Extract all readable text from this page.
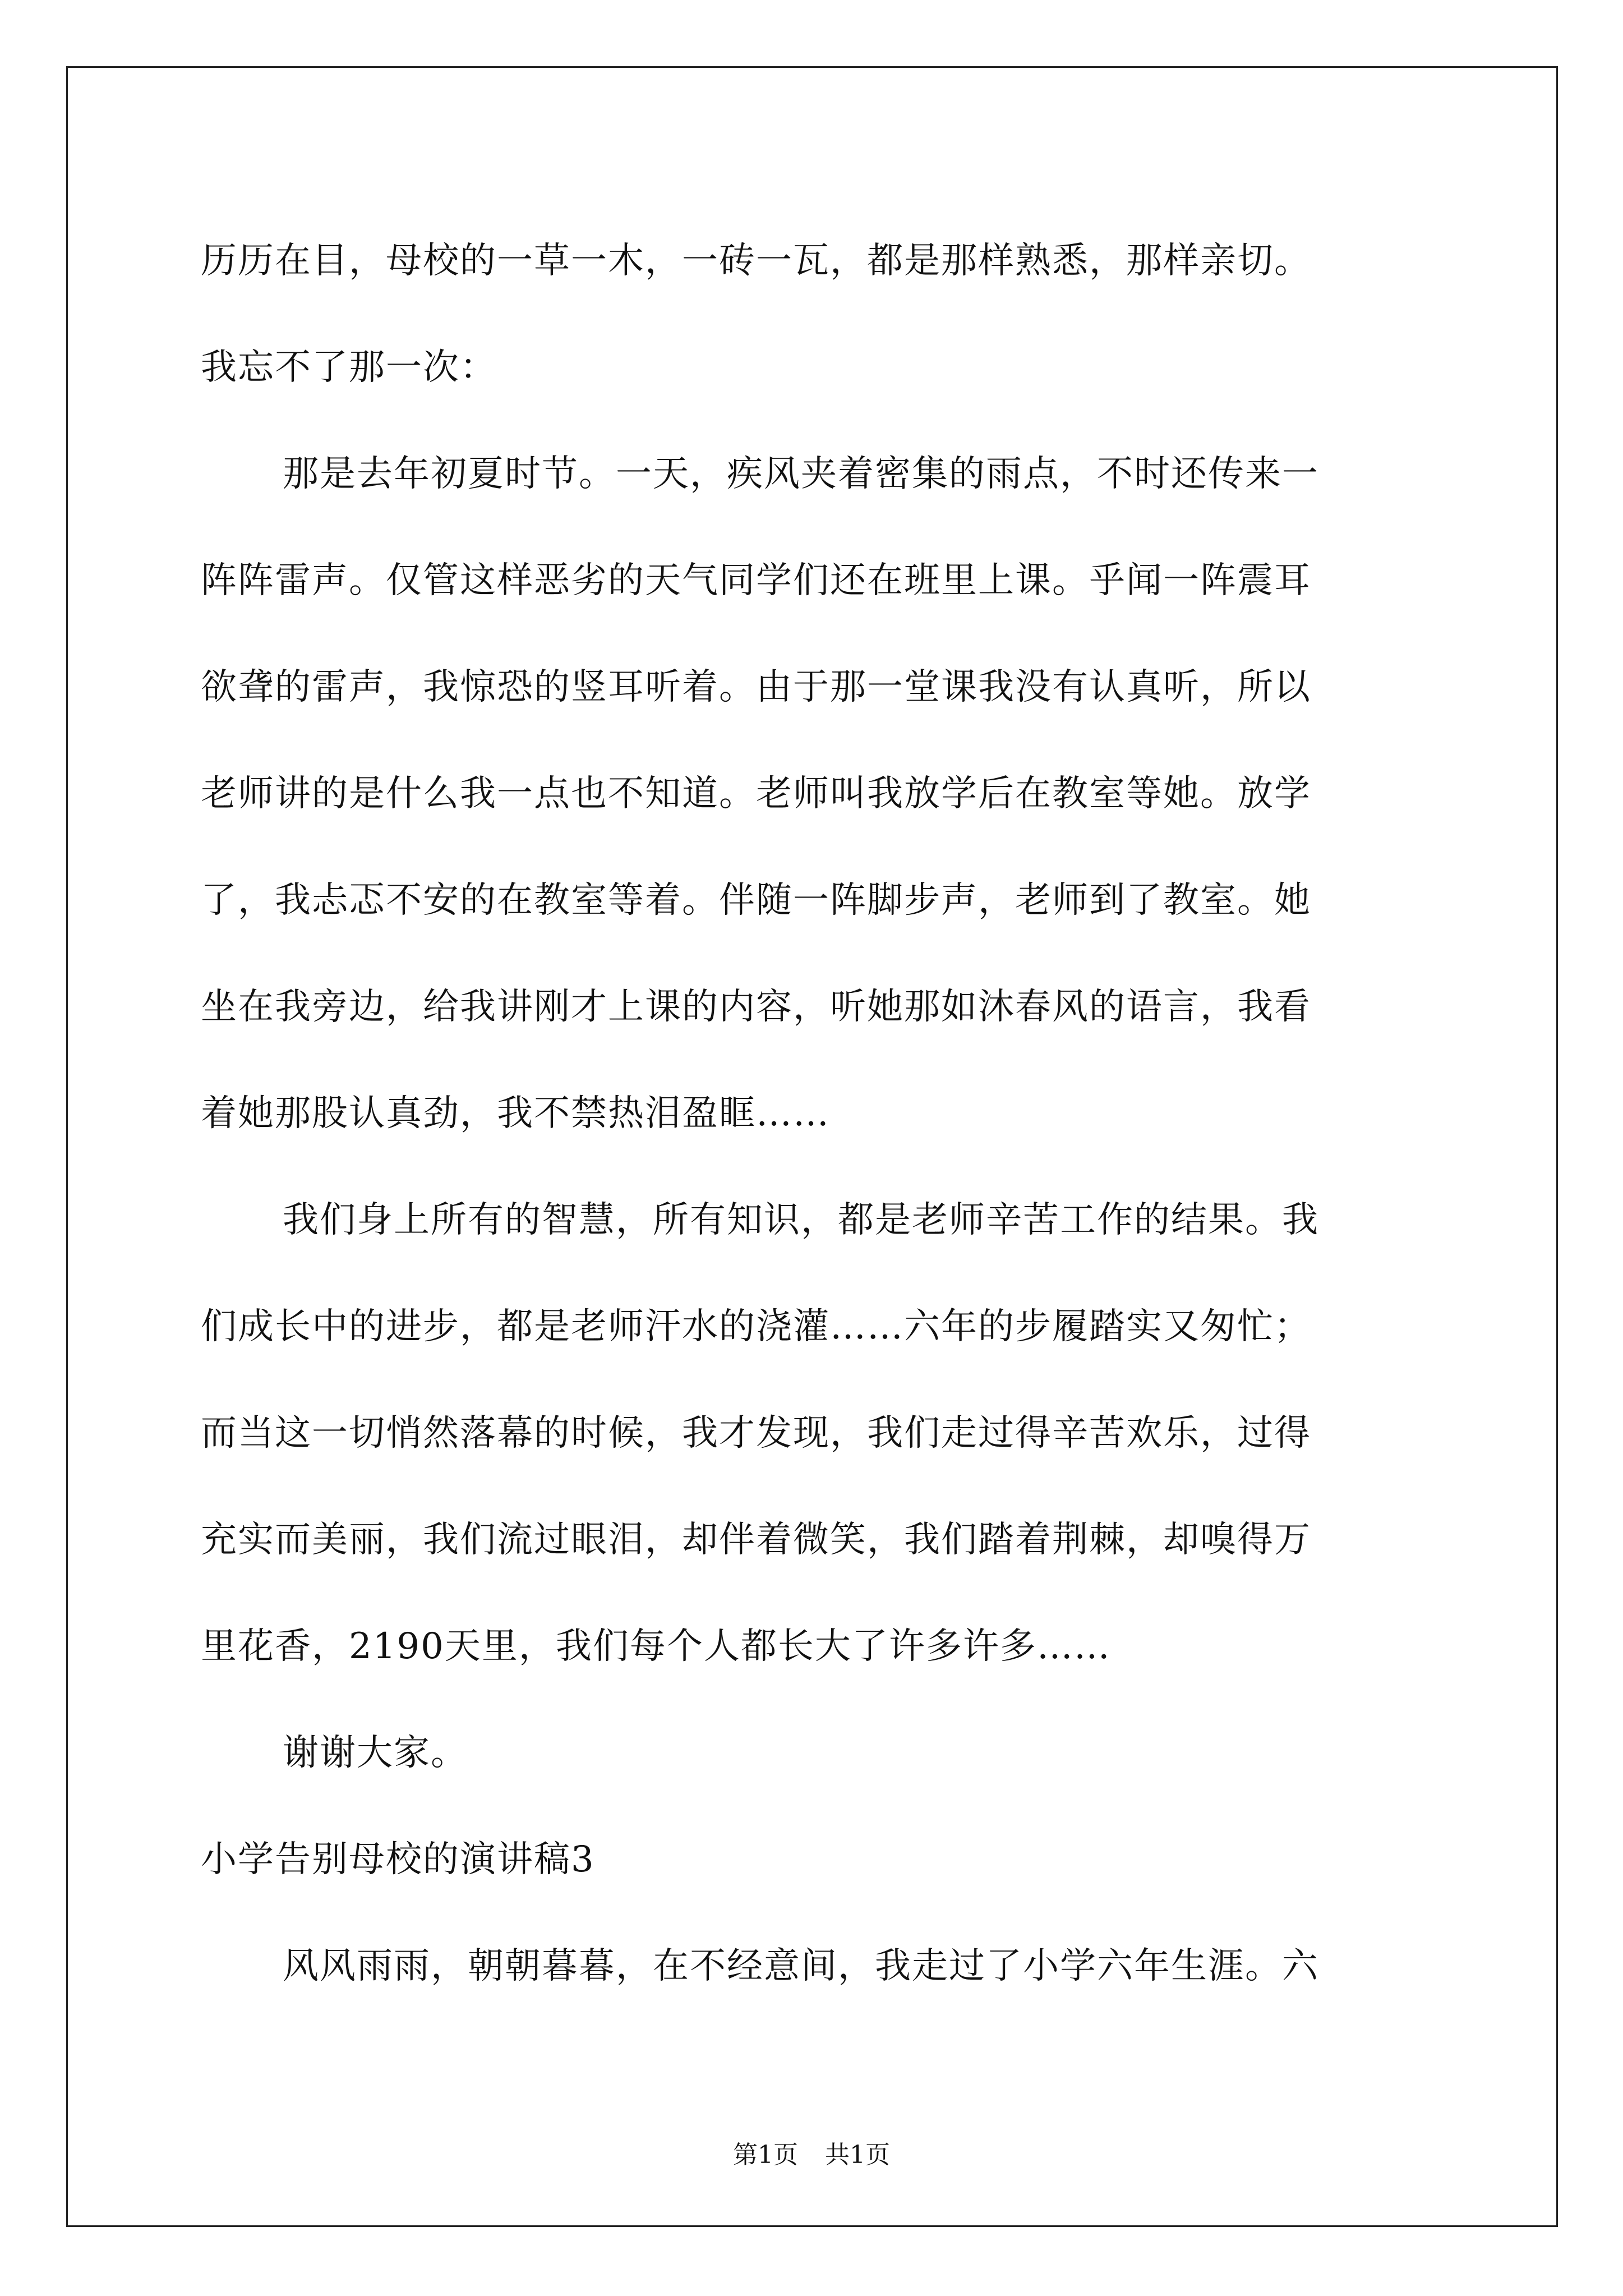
历历在目，母校的一草一木，一砖一瓦，都是那样熟悉，那样亲切。
我忘不了那一次：
那是去年初夏时节。一天，疾风夹着密集的雨点，不时还传来一
阵阵雷声。仅管这样恶劣的天气同学们还在班里上课。乎闻一阵震耳
欲聋的雷声，我惊恐的竖耳听着。由于那一堂课我没有认真听，所以
老师讲的是什么我一点也不知道。老师叫我放学后在教室等她。放学
了，我忐忑不安的在教室等着。伴随一阵脚步声，老师到了教室。她
坐在我旁边，给我讲刚才上课的内容，听她那如沐春风的语言，我看
着她那股认真劲，我不禁热泪盈眶……
我们身上所有的智慧，所有知识，都是老师辛苦工作的结果。我
们成长中的进步，都是老师汗水的浇灌……六年的步履踏实又匆忙；
而当这一切悄然落幕的时候，我才发现，我们走过得辛苦欢乐，过得
充实而美丽，我们流过眼泪，却伴着微笑，我们踏着荆棘，却嗅得万
里花香，2190天里，我们每个人都长大了许多许多……
谢谢大家。
小学告别母校的演讲稿3
风风雨雨，朝朝暮暮，在不经意间，我走过了小学六年生涯。六
第1页 共1页
